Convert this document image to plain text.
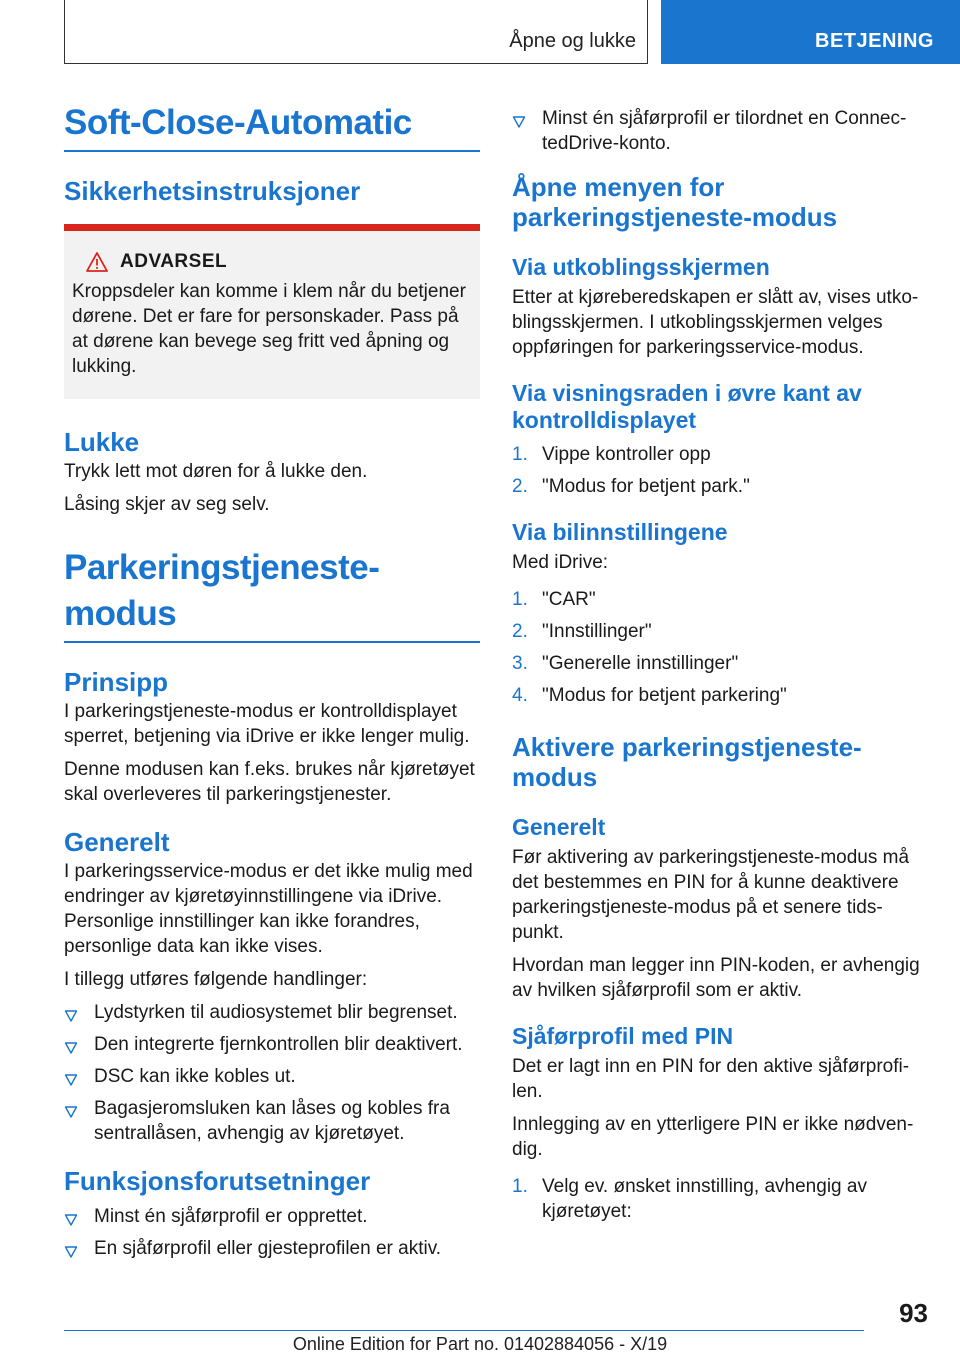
Åpne og lukke	BETJENING
Soft-Close-Automatic
Sikkerhetsinstruksjoner
ADVARSEL

Kroppsdeler kan komme i klem når du betjener dørene. Det er fare for personskader. Pass på at dørene kan bevege seg fritt ved åpning og lukking.

Lukke

Trykk lett mot døren for å lukke den.

Låsing skjer av seg selv.

Parkeringstjeneste-modus
Prinsipp

I parkeringstjeneste-modus er kontrolldisplayet sperret, betjening via iDrive er ikke lenger mulig.

Denne modusen kan f.eks. brukes når kjøretøyet skal overleveres til parkeringstjenester.

Generelt

I parkeringsservice-modus er det ikke mulig med endringer av kjøretøyinnstillingene via iDrive. Personlige innstillinger kan ikke forandres, personlige data kan ikke vises.

I tillegg utføres følgende handlinger:

Lydstyrken til audiosystemet blir begrenset.
Den integrerte fjernkontrollen blir deaktivert.
DSC kan ikke kobles ut.
Bagasjeromsluken kan låses og kobles fra sentrallåsen, avhengig av kjøretøyet.
Funksjonsforutsetninger
Minst én sjåførprofil er opprettet.
En sjåførprofil eller gjesteprofilen er aktiv.
Minst én sjåførprofil er tilordnet en ConnectedDrive-konto.
Åpne menyen for parkeringstjeneste-modus
Via utkoblingsskjermen

Etter at kjøreberedskapen er slått av, vises utkoblingsskjermen. I utkoblingsskjermen velges oppføringen for parkeringsservice-modus.

Via visningsraden i øvre kant av kontrolldisplayet
1. Vippe kontroller opp
2. "Modus for betjent park."
Via bilinnstillingene

Med iDrive:

1. "CAR"
2. "Innstillinger"
3. "Generelle innstillinger"
4. "Modus for betjent parkering"
Aktivere parkeringstjeneste-modus
Generelt

Før aktivering av parkeringstjeneste-modus må det bestemmes en PIN for å kunne deaktivere parkeringstjeneste-modus på et senere tidspunkt.

Hvordan man legger inn PIN-koden, er avhengig av hvilken sjåførprofil som er aktiv.

Sjåførprofil med PIN

Det er lagt inn en PIN for den aktive sjåførprofilen.

Innlegging av en ytterligere PIN er ikke nødvendig.

1. Velg ev. ønsket innstilling, avhengig av kjøretøyet:
93
Online Edition for Part no. 01402884056 - X/19
